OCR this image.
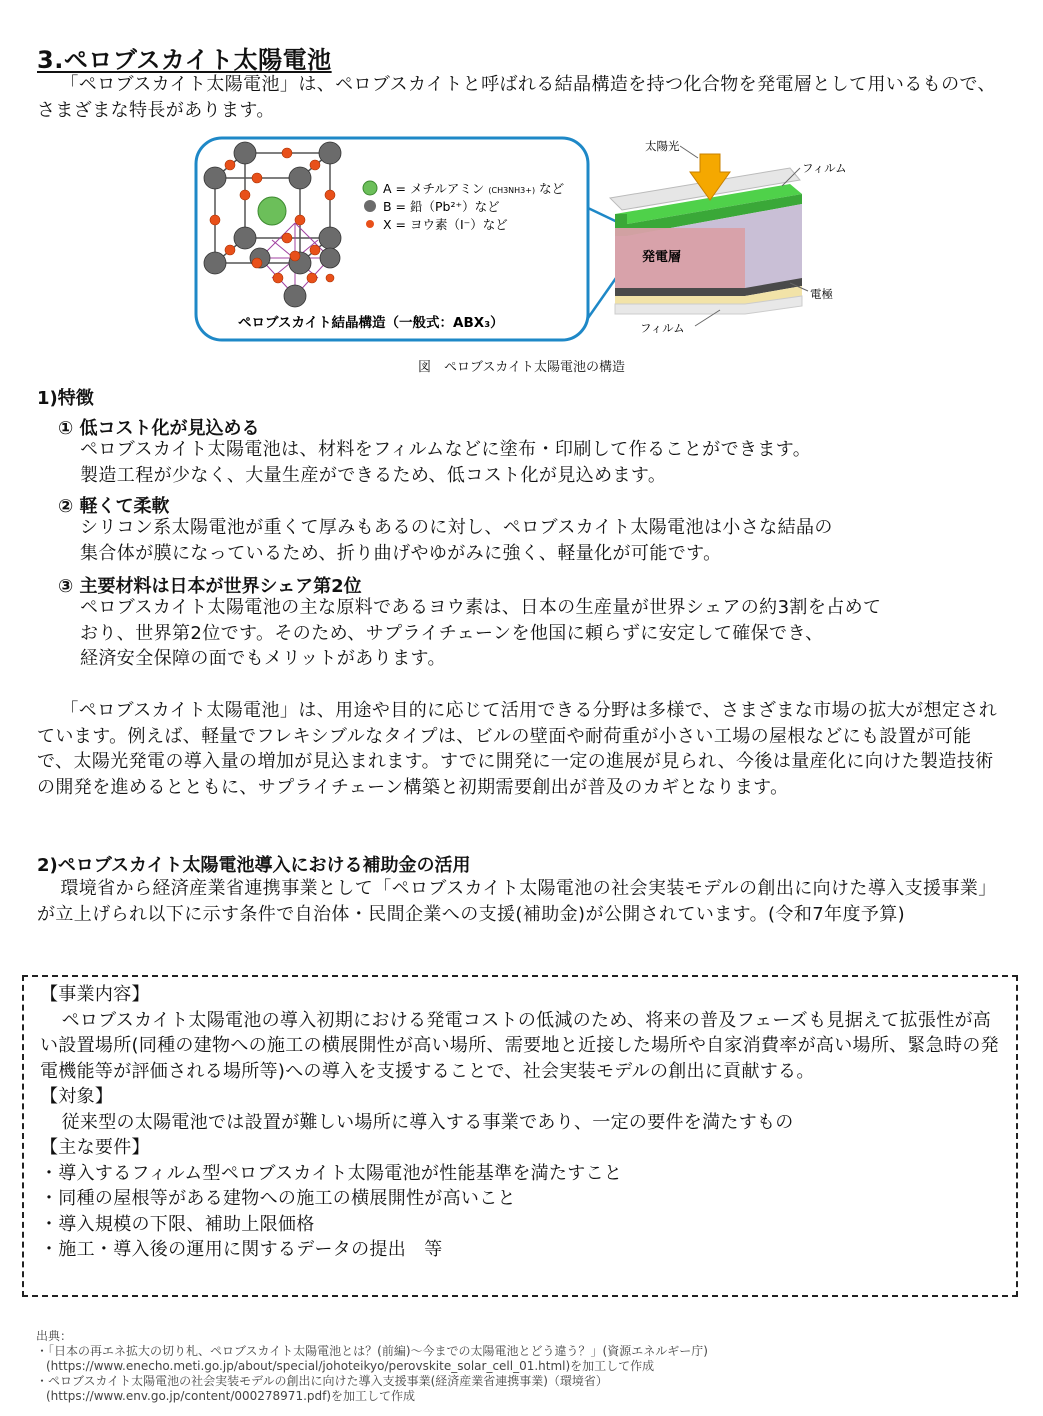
3.ペロブスカイト太陽電池
「ペロブスカイト太陽電池」は、ペロブスカイトと呼ばれる結晶構造を持つ化合物を発電層として用いるもので、さまざまな特長があります。
A = メチルアミン (CH3NH3+) など
B = 鉛（Pb²⁺）など
X = ヨウ素（I⁻）など
ペロブスカイト結晶構造（一般式：ABX₃）
太陽光
フィルム
発電層
電極
フィルム
図　ペロブスカイト太陽電池の構造
1)特徴
① 低コスト化が見込める
ペロブスカイト太陽電池は、材料をフィルムなどに塗布・印刷して作ることができます。
製造工程が少なく、大量生産ができるため、低コスト化が見込めます。
② 軽くて柔軟
シリコン系太陽電池が重くて厚みもあるのに対し、ペロブスカイト太陽電池は小さな結晶の
集合体が膜になっているため、折り曲げやゆがみに強く、軽量化が可能です。
③ 主要材料は日本が世界シェア第2位
ペロブスカイト太陽電池の主な原料であるヨウ素は、日本の生産量が世界シェアの約3割を占めて
おり、世界第2位です。そのため、サプライチェーンを他国に頼らずに安定して確保でき、
経済安全保障の面でもメリットがあります。
「ペロブスカイト太陽電池」は、用途や目的に応じて活用できる分野は多様で、さまざまな市場の拡大が想定されています。例えば、軽量でフレキシブルなタイプは、ビルの壁面や耐荷重が小さい工場の屋根などにも設置が可能で、太陽光発電の導入量の増加が見込まれます。すでに開発に一定の進展が見られ、今後は量産化に向けた製造技術の開発を進めるとともに、サプライチェーン構築と初期需要創出が普及のカギとなります。
2)ペロブスカイト太陽電池導入における補助金の活用
環境省から経済産業省連携事業として「ペロブスカイト太陽電池の社会実装モデルの創出に向けた導入支援事業」が立上げられ以下に示す条件で自治体・民間企業への支援(補助金)が公開されています。(令和7年度予算)
【事業内容】
ペロブスカイト太陽電池の導入初期における発電コストの低減のため、将来の普及フェーズも見据えて拡張性が高い設置場所(同種の建物への施工の横展開性が高い場所、需要地と近接した場所や自家消費率が高い場所、緊急時の発電機能等が評価される場所等)への導入を支援することで、社会実装モデルの創出に貢献する。
【対象】
従来型の太陽電池では設置が難しい場所に導入する事業であり、一定の要件を満たすもの
【主な要件】
・導入するフィルム型ペロブスカイト太陽電池が性能基準を満たすこと
・同種の屋根等がある建物への施工の横展開性が高いこと
・導入規模の下限、補助上限価格
・施工・導入後の運用に関するデータの提出　等
出典：
・「日本の再エネ拡大の切り札、ペロブスカイト太陽電池とは？(前編)～今までの太陽電池とどう違う？」(資源エネルギー庁)
(https://www.enecho.meti.go.jp/about/special/johoteikyo/perovskite_solar_cell_01.html)を加工して作成
・ペロブスカイト太陽電池の社会実装モデルの創出に向けた導入支援事業(経済産業省連携事業)（環境省）
(https://www.env.go.jp/content/000278971.pdf)を加工して作成
